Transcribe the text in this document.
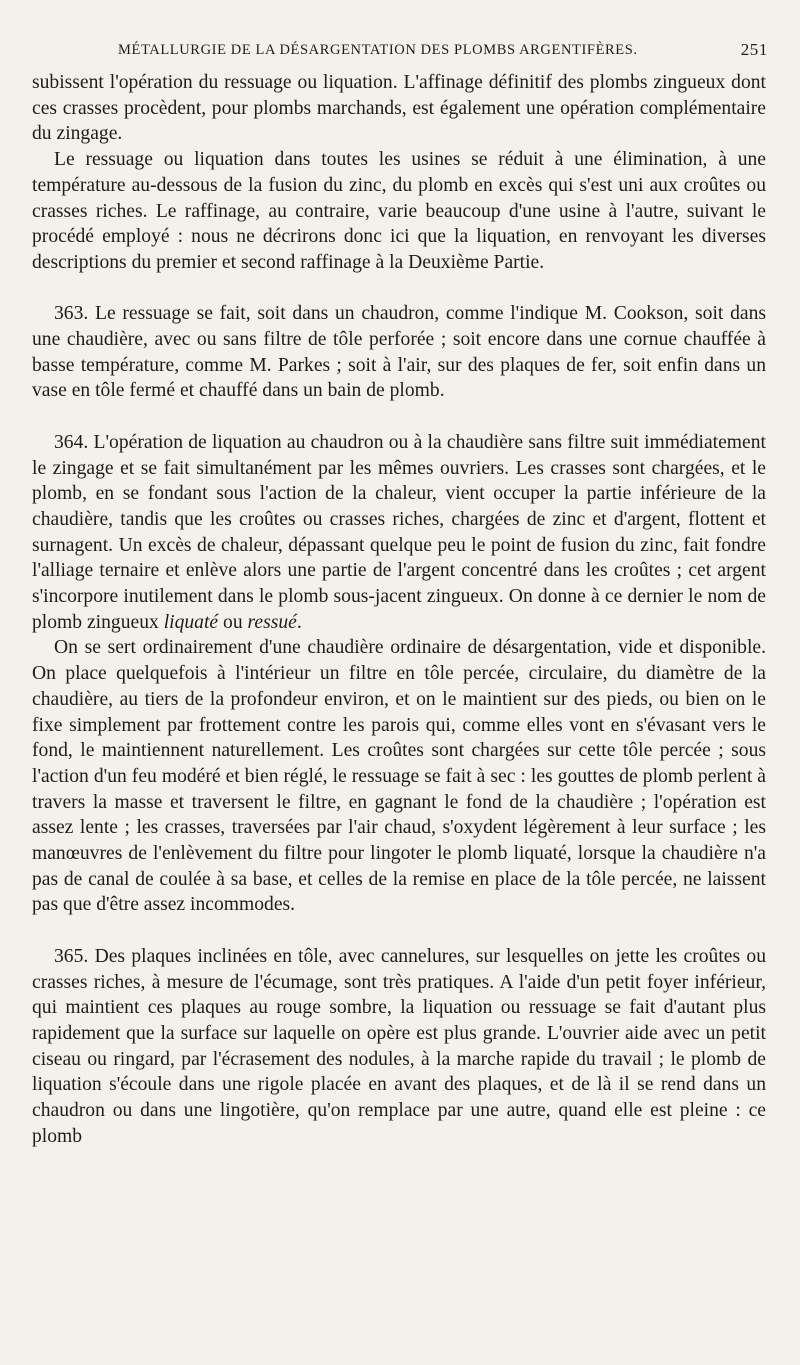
MÉTALLURGIE DE LA DÉSARGENTATION DES PLOMBS ARGENTIFÈRES.	251

subissent l'opération du ressuage ou liquation. L'affinage définitif des plombs zingueux dont ces crasses procèdent, pour plombs marchands, est également une opération complémentaire du zingage.

Le ressuage ou liquation dans toutes les usines se réduit à une élimination, à une température au-dessous de la fusion du zinc, du plomb en excès qui s'est uni aux croûtes ou crasses riches. Le raffinage, au contraire, varie beaucoup d'une usine à l'autre, suivant le procédé employé : nous ne décrirons donc ici que la liquation, en renvoyant les diverses descriptions du premier et second raffinage à la Deuxième Partie.

363. Le ressuage se fait, soit dans un chaudron, comme l'indique M. Cookson, soit dans une chaudière, avec ou sans filtre de tôle perforée ; soit encore dans une cornue chauffée à basse température, comme M. Parkes ; soit à l'air, sur des plaques de fer, soit enfin dans un vase en tôle fermé et chauffé dans un bain de plomb.

364. L'opération de liquation au chaudron ou à la chaudière sans filtre suit immédiatement le zingage et se fait simultanément par les mêmes ouvriers. Les crasses sont chargées, et le plomb, en se fondant sous l'action de la chaleur, vient occuper la partie inférieure de la chaudière, tandis que les croûtes ou crasses riches, chargées de zinc et d'argent, flottent et surnagent. Un excès de chaleur, dépassant quelque peu le point de fusion du zinc, fait fondre l'alliage ternaire et enlève alors une partie de l'argent concentré dans les croûtes ; cet argent s'incorpore inutilement dans le plomb sous-jacent zingueux. On donne à ce dernier le nom de plomb zingueux liquaté ou ressué.

On se sert ordinairement d'une chaudière ordinaire de désargentation, vide et disponible. On place quelquefois à l'intérieur un filtre en tôle percée, circulaire, du diamètre de la chaudière, au tiers de la profondeur environ, et on le maintient sur des pieds, ou bien on le fixe simplement par frottement contre les parois qui, comme elles vont en s'évasant vers le fond, le maintiennent naturellement. Les croûtes sont chargées sur cette tôle percée ; sous l'action d'un feu modéré et bien réglé, le ressuage se fait à sec : les gouttes de plomb perlent à travers la masse et traversent le filtre, en gagnant le fond de la chaudière ; l'opération est assez lente ; les crasses, traversées par l'air chaud, s'oxydent légèrement à leur surface ; les manœuvres de l'enlèvement du filtre pour lingoter le plomb liquaté, lorsque la chaudière n'a pas de canal de coulée à sa base, et celles de la remise en place de la tôle percée, ne laissent pas que d'être assez incommodes.

365. Des plaques inclinées en tôle, avec cannelures, sur lesquelles on jette les croûtes ou crasses riches, à mesure de l'écumage, sont très pratiques. A l'aide d'un petit foyer inférieur, qui maintient ces plaques au rouge sombre, la liquation ou ressuage se fait d'autant plus rapidement que la surface sur laquelle on opère est plus grande. L'ouvrier aide avec un petit ciseau ou ringard, par l'écrasement des nodules, à la marche rapide du travail ; le plomb de liquation s'écoule dans une rigole placée en avant des plaques, et de là il se rend dans un chaudron ou dans une lingotière, qu'on remplace par une autre, quand elle est pleine : ce plomb
